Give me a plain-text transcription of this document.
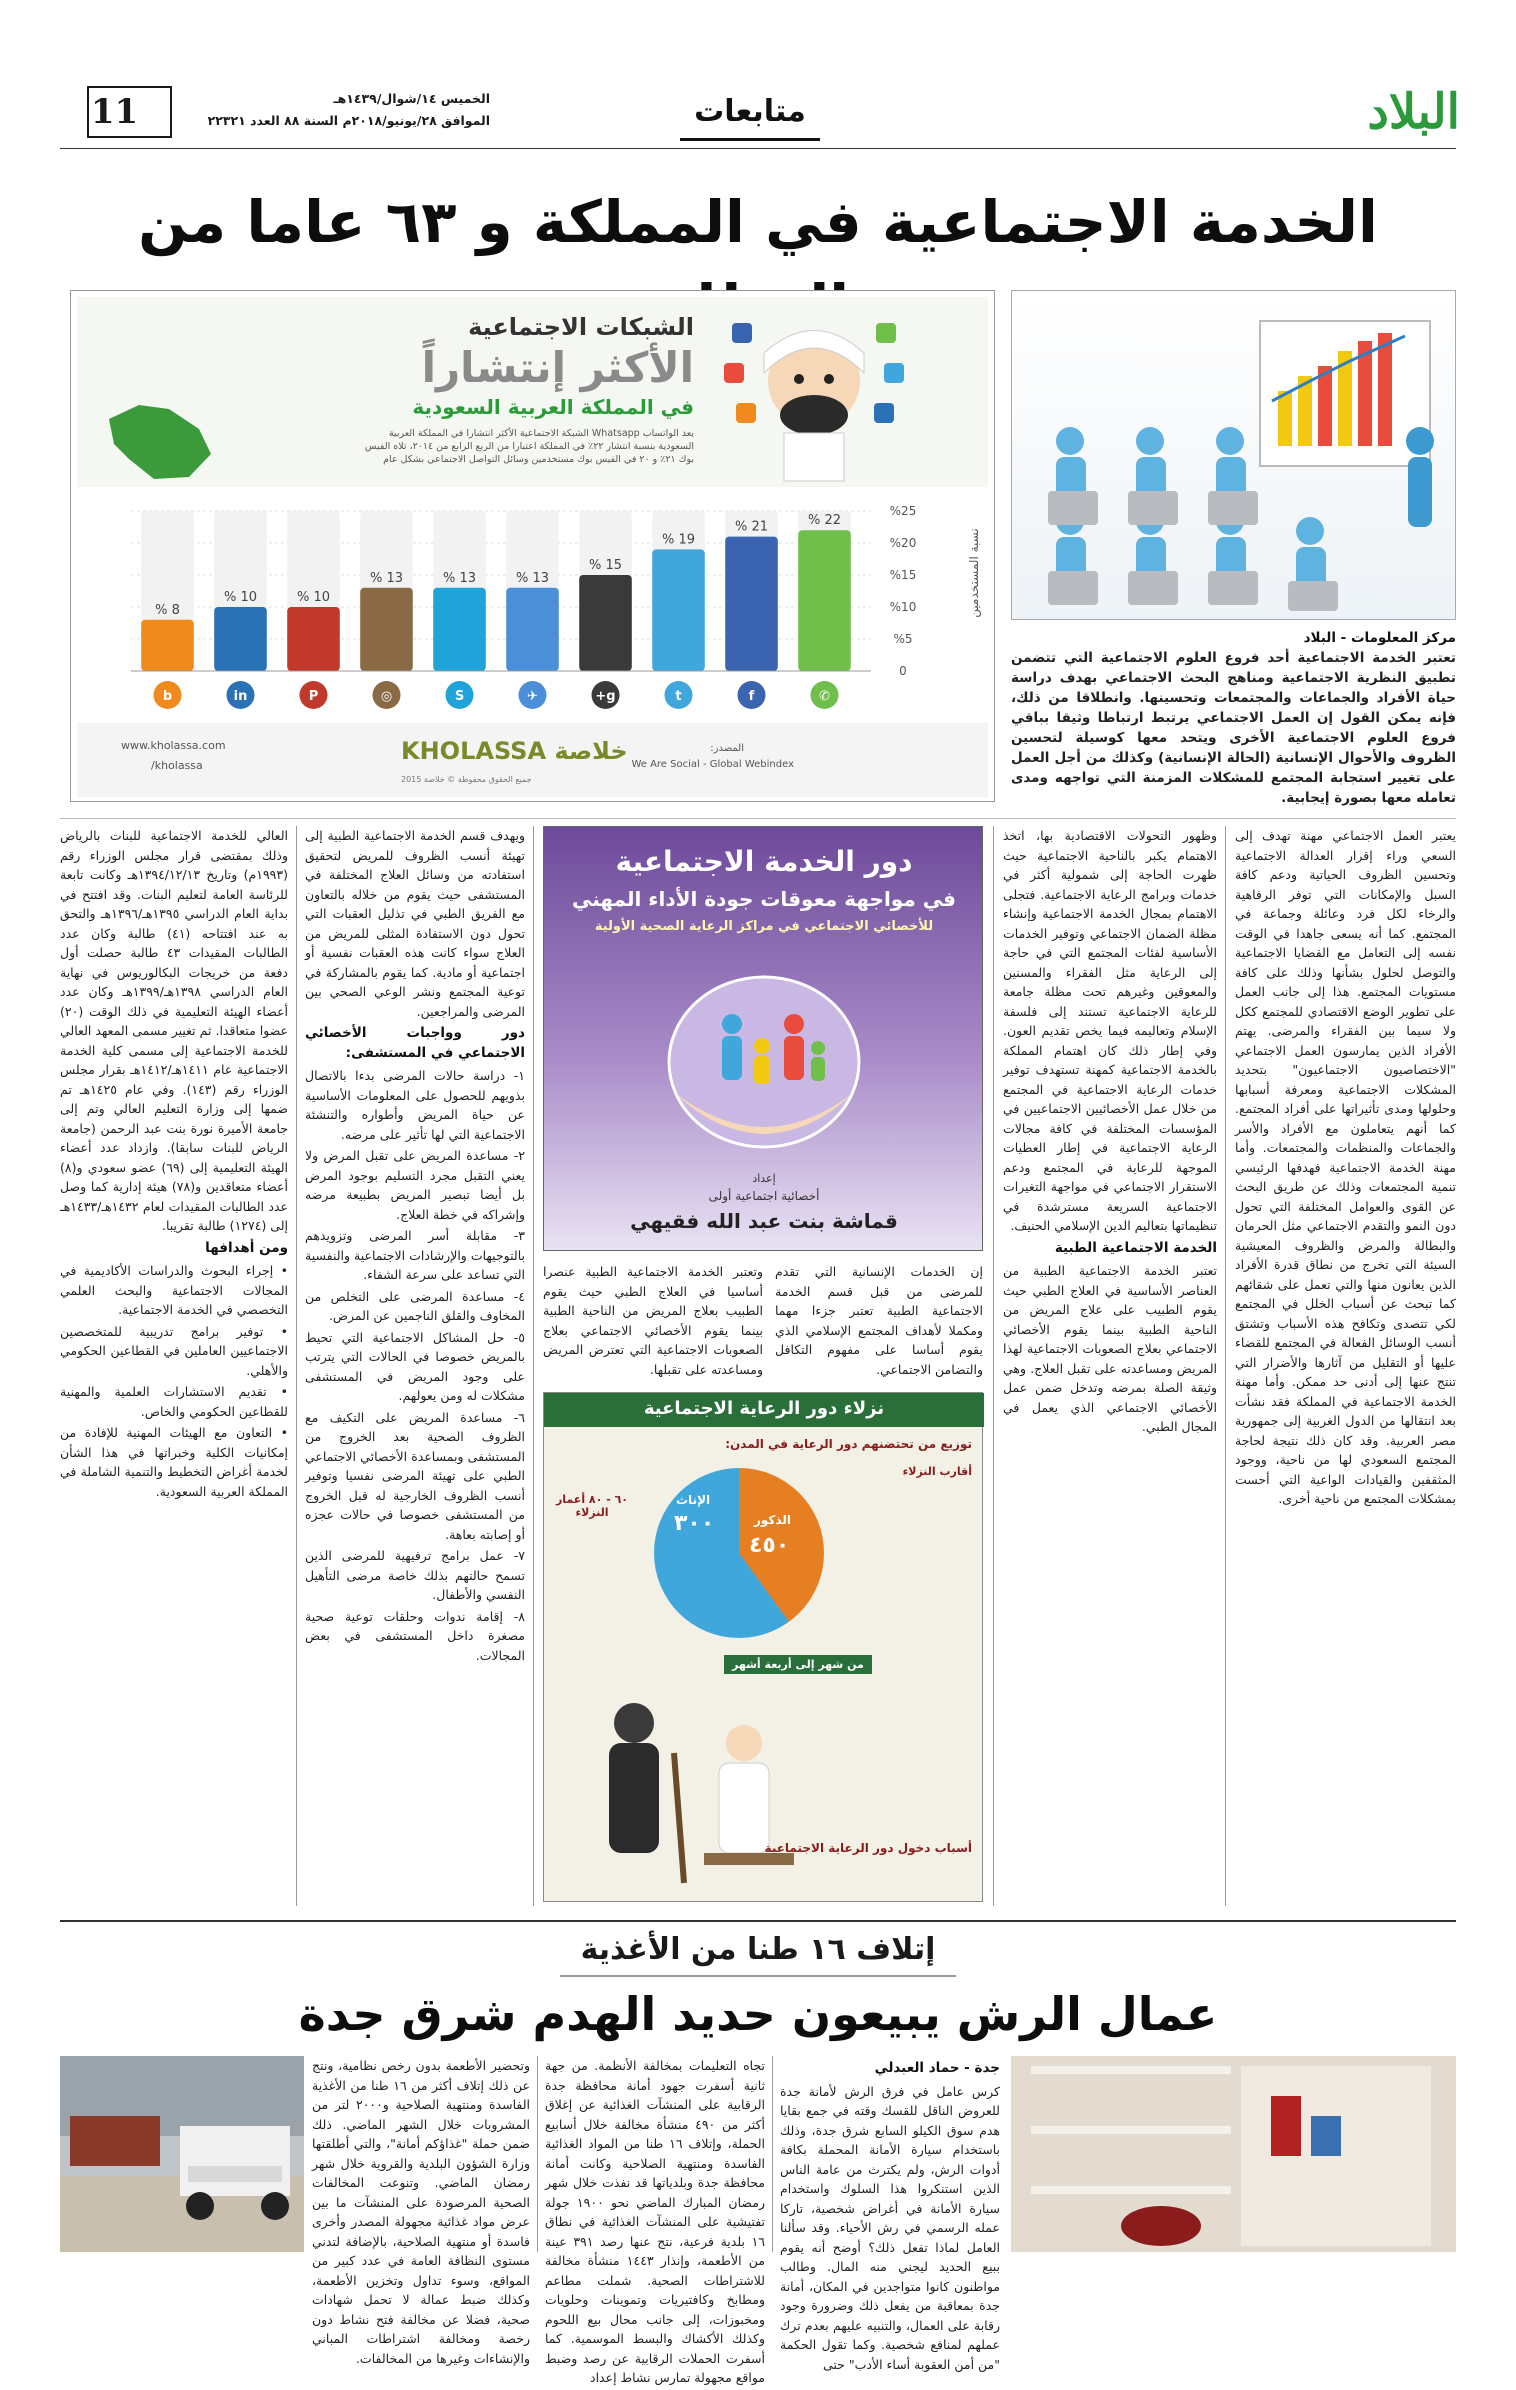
11	الخميس ١٤/شوال/١٤٣٩هـ
الموافق ٢٨/يونيو/٢٠١٨م السنة ٨٨ العدد ٢٢٣٢١	متابعات	البلاد
الخدمة الاجتماعية في المملكة و ٦٣ عاما من
مركز المعلومات - البلاد
تعتبر الخدمة الاجتماعية أحد فروع العلوم الاجتماعية التي تتضمن تطبيق النظرية الاجتماعية ومناهج البحث الاجتماعي بهدف دراسة حياة الأفراد والجماعات والمجتمعات وتحسينها. وانطلاقا من ذلك، فإنه يمكن القول إن العمل الاجتماعي يرتبط ارتباطا وثيقا بباقي فروع العلوم الاجتماعية الأخرى ويتحد معها كوسيلة لتحسين الظروف والأحوال الإنسانية (الحالة الإنسانية) وكذلك من أجل العمل على تغيير استجابة المجتمع للمشكلات المزمنة التي تواجهه ومدى تعامله معها بصورة إيجابية.
الشبكات الاجتماعية
الأكثر إنتشاراً
في المملكة العربية السعودية
يعد الواتساب Whatsapp الشبكة الاجتماعية الأكثر انتشارا في المملكة العربية السعودية بنسبة انتشار ٢٢٪ في المملكة اعتبارا من الربع الرابع من ٢٠١٤، تلاه الفيس بوك ٢١٪ و ٢٠ في الفيس بوك مستخدمين وسائل التواصل الاجتماعي بشكل عام
%25
%20
%15
%10
%5
0
8 %
b
10 %
in
10 %
P
13 %
◎
13 %
S
13 %
✈
15 %
g+
19 %
t
21 %
f
22 %
✆
نسبة المستخدمين
www.kholassa.com
/kholassa
خلاصة KHOLASSA
جميع الحقوق محفوظة © خلاصة 2015
المصدر:
We Are Social - Global Webindex

يعتبر العمل الاجتماعي مهنة تهدف إلى السعي وراء إقرار العدالة الاجتماعية وتحسين الظروف الحياتية ودعم كافة السبل والإمكانات التي توفر الرفاهية والرخاء لكل فرد وعائلة وجماعة في المجتمع. كما أنه يسعى جاهدا في الوقت نفسه إلى التعامل مع القضايا الاجتماعية والتوصل لحلول بشأنها وذلك على كافة مستويات المجتمع. هذا إلى جانب العمل على تطوير الوضع الاقتصادي للمجتمع ككل ولا سيما بين الفقراء والمرضى. يهتم الأفراد الذين يمارسون العمل الاجتماعي "الاختصاصيون الاجتماعيون" بتحديد المشكلات الاجتماعية ومعرفة أسبابها وحلولها ومدى تأثيراتها على أفراد المجتمع. كما أنهم يتعاملون مع الأفراد والأسر والجماعات والمنظمات والمجتمعات. وأما مهنة الخدمة الاجتماعية فهدفها الرئيسي تنمية المجتمعات وذلك عن طريق البحث عن القوى والعوامل المختلفة التي تحول دون النمو والتقدم الاجتماعي مثل الحرمان والبطالة والمرض والظروف المعيشية السيئة التي تخرج من نطاق قدرة الأفراد الذين يعانون منها والتي تعمل على شقائهم كما تبحث عن أسباب الخلل في المجتمع لكي تتصدى وتكافح هذه الأسباب وتشتق أنسب الوسائل الفعالة في المجتمع للقضاء عليها أو التقليل من آثارها والأضرار التي تنتج عنها إلى أدنى حد ممكن. وأما مهنة الخدمة الاجتماعية في المملكة فقد نشأت بعد انتقالها من الدول الغربية إلى جمهورية مصر العربية. وقد كان ذلك نتيجة لحاجة المجتمع السعودي لها من ناحية، ووجود المثقفين والقيادات الواعية التي أحست بمشكلات المجتمع من ناحية أخرى.

وظهور التحولات الاقتصادية بها، اتخذ الاهتمام يكبر بالناحية الاجتماعية حيث ظهرت الحاجة إلى شمولية أكثر في خدمات وبرامج الرعاية الاجتماعية. فتجلى الاهتمام بمجال الخدمة الاجتماعية وإنشاء مظلة الضمان الاجتماعي وتوفير الخدمات الأساسية لفئات المجتمع التي في حاجة إلى الرعاية مثل الفقراء والمسنين والمعوقين وغيرهم تحت مظلة جامعة للرعاية الاجتماعية تستند إلى فلسفة الإسلام وتعاليمه فيما يخص تقديم العون. وفي إطار ذلك كان اهتمام المملكة بالخدمة الاجتماعية كمهنة تستهدف توفير خدمات الرعاية الاجتماعية في المجتمع من خلال عمل الأخصائيين الاجتماعيين في المؤسسات المختلفة في كافة مجالات الرعاية الاجتماعية في إطار العطيات الموجهة للرعاية في المجتمع ودعم الاستقرار الاجتماعي في مواجهة التغيرات الاجتماعية السريعة مسترشدة في تنظيماتها بتعاليم الدين الإسلامي الحنيف.

الخدمة الاجتماعية الطبية

تعتبر الخدمة الاجتماعية الطبية من العناصر الأساسية في العلاج الطبي حيث يقوم الطبيب على علاج المريض من الناحية الطبية بينما يقوم الأخصائي الاجتماعي بعلاج الصعوبات الاجتماعية لهذا المريض ومساعدته على تقبل العلاج. وهي وثيقة الصلة بمرضه وتدخل ضمن عمل الأخصائي الاجتماعي الذي يعمل في المجال الطبي.

دور الخدمة الاجتماعية
في مواجهة معوقات جودة الأداء المهني
للأخصائي الاجتماعي في مراكز الرعاية الصحية الأولية
إعداد
أخصائية اجتماعية أولى
قماشة بنت عبد الله فقيهي

إن الخدمات الإنسانية التي تقدم للمرضى من قبل قسم الخدمة الاجتماعية الطبية تعتبر جزءا مهما ومكملا لأهداف المجتمع الإسلامي الذي يقوم أساسا على مفهوم التكافل والتضامن الاجتماعي.

وتعتبر الخدمة الاجتماعية الطبية عنصرا أساسيا في العلاج الطبي حيث يقوم الطبيب بعلاج المريض من الناحية الطبية بينما يقوم الأخصائي الاجتماعي بعلاج الصعوبات الاجتماعية التي تعترض المريض ومساعدته على تقبلها.

نزلاء دور الرعاية الاجتماعية
توزيع من تحتضنهم دور الرعاية في المدن:
الذكور
٤٥٠
الإناث
٣٠٠
أقارب النزلاء
٦٠ - ٨٠ أعمار النزلاء
من شهر إلى أربعة أشهر
أسباب دخول دور الرعاية الاجتماعية

ويهدف قسم الخدمة الاجتماعية الطبية إلى تهيئة أنسب الظروف للمريض لتحقيق استفادته من وسائل العلاج المختلفة في المستشفى حيث يقوم من خلاله بالتعاون مع الفريق الطبي في تذليل العقبات التي تحول دون الاستفادة المثلى للمريض من العلاج سواء كانت هذه العقبات نفسية أو اجتماعية أو مادية. كما يقوم بالمشاركة في توعية المجتمع ونشر الوعي الصحي بين المرضى والمراجعين.

دور وواجبات الأخصائي الاجتماعي في المستشفى:

١- دراسة حالات المرضى بدءا بالاتصال بذويهم للحصول على المعلومات الأساسية عن حياة المريض وأطواره والتنشئة الاجتماعية التي لها تأثير على مرضه.

٢- مساعدة المريض على تقبل المرض ولا يعني التقبل مجرد التسليم بوجود المرض بل أيضا تبصير المريض بطبيعة مرضه وإشراكه في خطة العلاج.

٣- مقابلة أسر المرضى وتزويدهم بالتوجيهات والإرشادات الاجتماعية والنفسية التي تساعد على سرعة الشفاء.

٤- مساعدة المرضى على التخلص من المخاوف والقلق الناجمين عن المرض.

٥- حل المشاكل الاجتماعية التي تحيط بالمريض خصوصا في الحالات التي يترتب على وجود المريض في المستشفى مشكلات له ومن يعولهم.

٦- مساعدة المريض على التكيف مع الظروف الصحية بعد الخروج من المستشفى وبمساعدة الأخصائي الاجتماعي الطبي على تهيئة المرضى نفسيا وتوفير أنسب الظروف الخارجية له قبل الخروج من المستشفى خصوصا في حالات عجزه أو إصابته بعاهة.

٧- عمل برامج ترفيهية للمرضى الذين تسمح حالتهم بذلك خاصة مرضى التأهيل النفسي والأطفال.

٨- إقامة ندوات وحلقات توعية صحية مصغرة داخل المستشفى في بعض المجالات.

العالي للخدمة الاجتماعية للبنات بالرياض وذلك بمقتضى قرار مجلس الوزراء رقم (١٩٩٣م) وتاريخ ١٣٩٤/١٢/١٣هـ وكانت تابعة للرئاسة العامة لتعليم البنات. وقد افتتح في بداية العام الدراسي ١٣٩٥هـ/١٣٩٦هـ والتحق به عند افتتاحه (٤١) طالبة وكان عدد الطالبات المقيدات ٤٣ طالبة حصلت أول دفعة من خريجات البكالوريوس في نهاية العام الدراسي ١٣٩٨هـ/١٣٩٩هـ وكان عدد أعضاء الهيئة التعليمية في ذلك الوقت (٢٠) عضوا متعاقدا. ثم تغيير مسمى المعهد العالي للخدمة الاجتماعية إلى مسمى كلية الخدمة الاجتماعية عام ١٤١١هـ/١٤١٢هـ بقرار مجلس الوزراء رقم (١٤٣). وفي عام ١٤٢٥هـ تم ضمها إلى وزارة التعليم العالي وتم إلى جامعة الأميرة نورة بنت عبد الرحمن (جامعة الرياض للبنات سابقا). وازداد عدد أعضاء الهيئة التعليمية إلى (٦٩) عضو سعودي و(٨) أعضاء متعاقدين و(٧٨) هيئة إدارية كما وصل عدد الطالبات المقيدات لعام ١٤٣٢هـ/١٤٣٣هـ إلى (١٢٧٤) طالبة تقريبا.

ومن أهدافها

• إجراء البحوث والدراسات الأكاديمية في المجالات الاجتماعية والبحث العلمي التخصصي في الخدمة الاجتماعية.

• توفير برامج تدريبية للمتخصصين الاجتماعيين العاملين في القطاعين الحكومي والأهلي.

• تقديم الاستشارات العلمية والمهنية للقطاعين الحكومي والخاص.

• التعاون مع الهيئات المهنية للإفادة من إمكانيات الكلية وخبراتها في هذا الشأن لخدمة أغراض التخطيط والتنمية الشاملة في المملكة العربية السعودية.

إتلاف ١٦ طنا من الأغذية
عمال الرش يبيعون حديد الهدم شرق جدة

جدة - حماد العبدلي

كرس عامل في فرق الرش لأمانة جدة للعروض الناقل للقسك وقته في جمع بقايا هدم سوق الكيلو السابع شرق جدة، وذلك باستخدام سيارة الأمانة المحملة بكافة أدوات الرش، ولم يكترث من عامة الناس الذين استنكروا هذا السلوك واستخدام سيارة الأمانة في أغراض شخصية، تاركا عمله الرسمي في رش الأحياء. وقد سألنا العامل لماذا تفعل ذلك؟ أوضح أنه يقوم ببيع الحديد ليجني منه المال. وطالب مواطنون كانوا متواجدين في المكان، أمانة جدة بمعاقبة من يفعل ذلك وضرورة وجود رقابة على العمال، والتنبيه عليهم بعدم ترك عملهم لمنافع شخصية. وكما تقول الحكمة "من أمن العقوبة أساء الأدب" حتى

تجاه التعليمات بمخالفة الأنظمة. من جهة ثانية أسفرت جهود أمانة محافظة جدة الرقابية على المنشآت الغذائية عن إغلاق أكثر من ٤٩٠ منشأة مخالفة خلال أسابيع الحملة، وإتلاف ١٦ طنا من المواد الغذائية الفاسدة ومنتهية الصلاحية وكانت أمانة محافظة جدة وبلدياتها قد نفذت خلال شهر رمضان المبارك الماضي نحو ١٩٠٠ جولة تفتيشية على المنشآت الغذائية في نطاق ١٦ بلدية فرعية، نتج عنها رصد ٣٩١ عينة من الأطعمة، وإنذار ١٤٤٣ منشأة مخالفة للاشتراطات الصحية. شملت مطاعم ومطابخ وكافتيريات وتموينات وحلويات ومخبوزات، إلى جانب محال بيع اللحوم وكذلك الأكشاك والبسط الموسمية. كما أسفرت الحملات الرقابية عن رصد وضبط مواقع مجهولة تمارس نشاط إعداد

وتحضير الأطعمة بدون رخص نظامية، ونتج عن ذلك إتلاف أكثر من ١٦ طنا من الأغذية الفاسدة ومنتهية الصلاحية و٢٠٠٠ لتر من المشروبات خلال الشهر الماضي. ذلك ضمن حملة "غذاؤكم أمانة"، والتي أطلقتها وزارة الشؤون البلدية والقروية خلال شهر رمضان الماضي. وتنوعت المخالفات الصحية المرصودة على المنشآت ما بين عرض مواد غذائية مجهولة المصدر وأخرى فاسدة أو منتهية الصلاحية، بالإضافة لتدني مستوى النظافة العامة في عدد كبير من المواقع، وسوء تداول وتخزين الأطعمة، وكذلك ضبط عمالة لا تحمل شهادات صحية، فضلا عن مخالفة فتح نشاط دون رخصة ومخالفة اشتراطات المباني والإنشاءات وغيرها من المخالفات.
